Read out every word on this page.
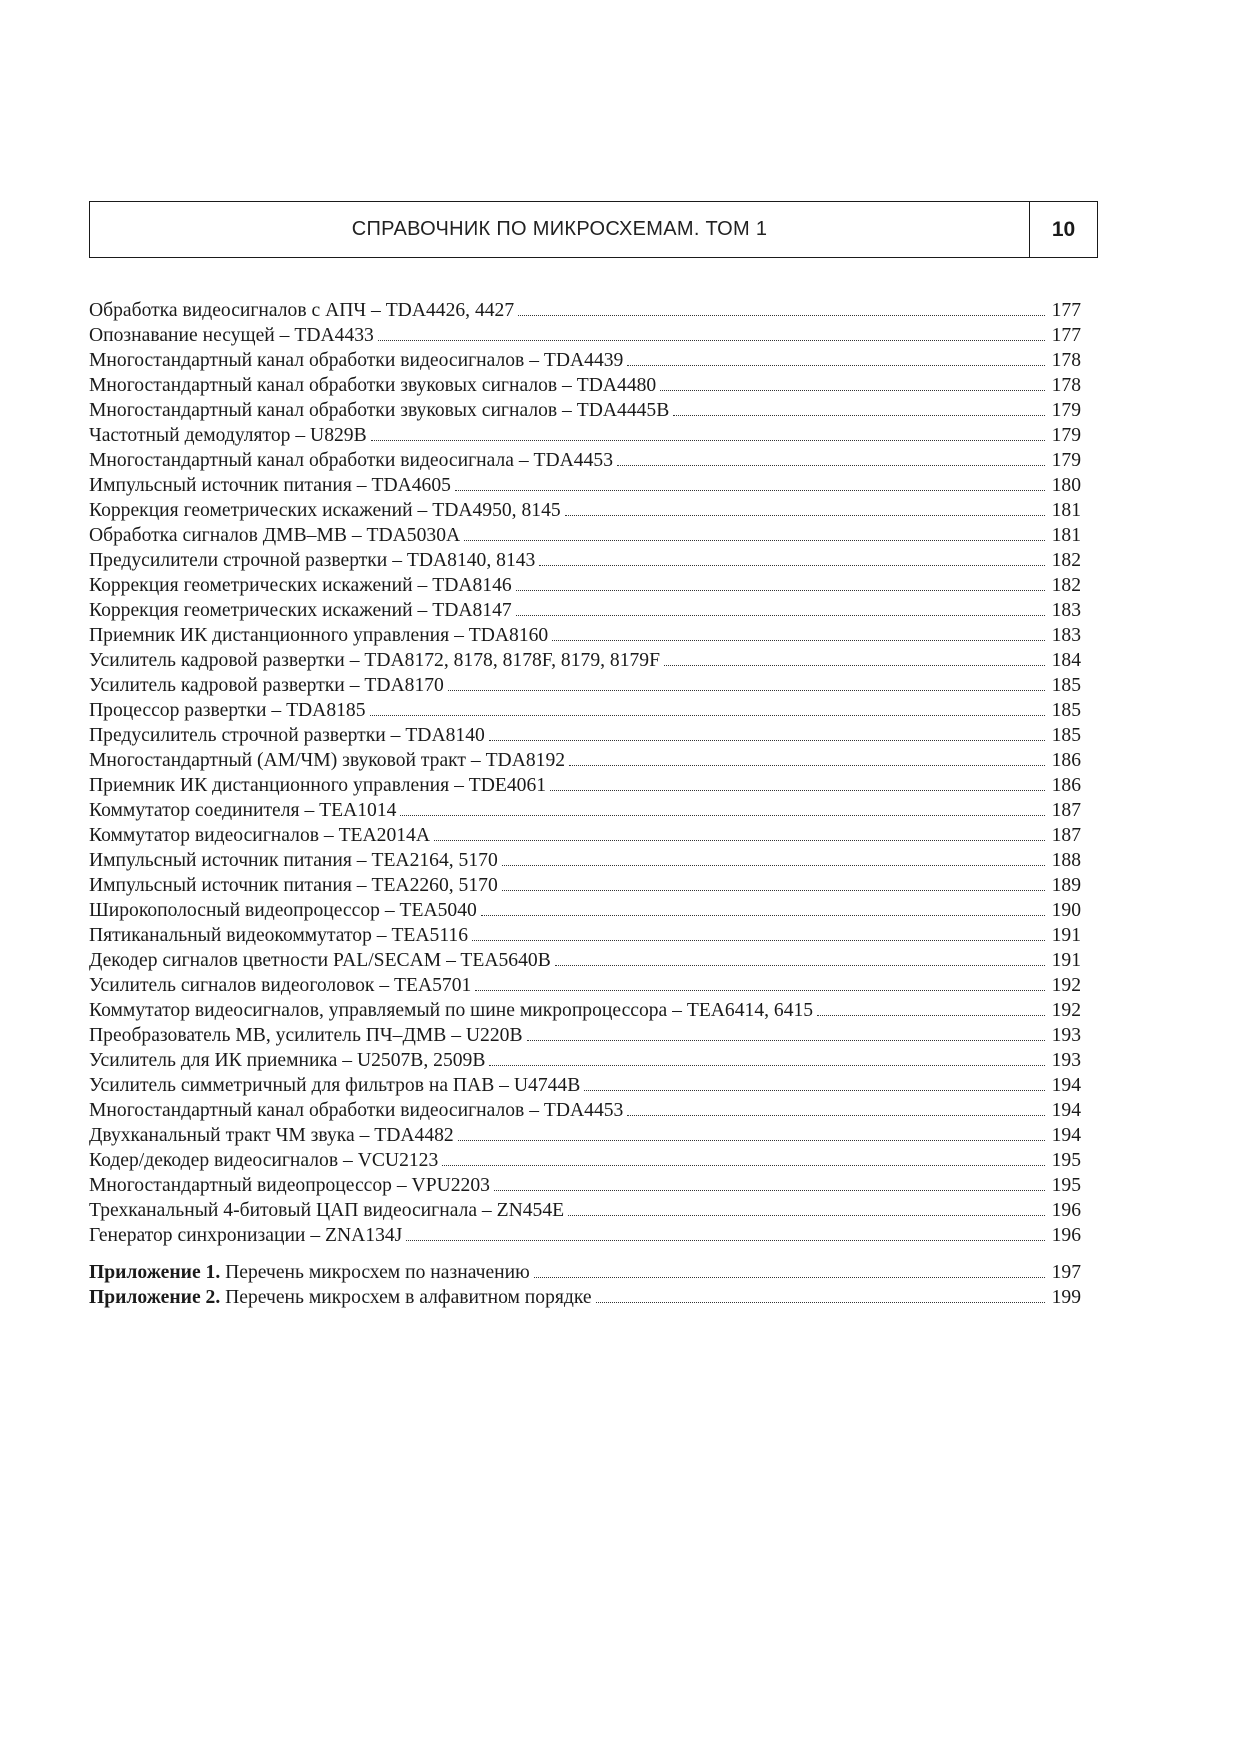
СПРАВОЧНИК ПО МИКРОСХЕМАМ. ТОМ 1	10
Обработка видеосигналов с АПЧ – TDA4426, 4427	177
Опознавание несущей – TDA4433	177
Многостандартный канал обработки видеосигналов – TDA4439	178
Многостандартный канал обработки звуковых сигналов – TDA4480	178
Многостандартный канал обработки звуковых сигналов – TDA4445B	179
Частотный демодулятор – U829B	179
Многостандартный канал обработки видеосигнала – TDA4453	179
Импульсный источник питания – TDA4605	180
Коррекция геометрических искажений – TDA4950, 8145	181
Обработка сигналов ДМВ–МВ – TDA5030A	181
Предусилители строчной развертки – TDA8140, 8143	182
Коррекция геометрических искажений – TDA8146	182
Коррекция геометрических искажений – TDA8147	183
Приемник ИК дистанционного управления – TDA8160	183
Усилитель кадровой развертки – TDA8172, 8178, 8178F, 8179, 8179F	184
Усилитель кадровой развертки – TDA8170	185
Процессор развертки – TDA8185	185
Предусилитель строчной развертки – TDA8140	185
Многостандартный (АМ/ЧМ) звуковой тракт – TDA8192	186
Приемник ИК дистанционного управления – TDE4061	186
Коммутатор соединителя – TEA1014	187
Коммутатор видеосигналов – TEA2014A	187
Импульсный источник питания – TEA2164, 5170	188
Импульсный источник питания – TEA2260, 5170	189
Широкополосный видеопроцессор – TEA5040	190
Пятиканальный видеокоммутатор – TEA5116	191
Декодер сигналов цветности PAL/SECAM – TEA5640B	191
Усилитель сигналов видеоголовок – TEA5701	192
Коммутатор видеосигналов, управляемый по шине микропроцессора – TEA6414, 6415	192
Преобразователь МВ, усилитель ПЧ–ДМВ – U220B	193
Усилитель для ИК приемника – U2507B, 2509B	193
Усилитель симметричный для фильтров на ПАВ – U4744B	194
Многостандартный канал обработки видеосигналов – TDA4453	194
Двухканальный тракт ЧМ звука – TDA4482	194
Кодер/декодер видеосигналов – VCU2123	195
Многостандартный видеопроцессор – VPU2203	195
Трехканальный 4-битовый ЦАП видеосигнала – ZN454E	196
Генератор синхронизации – ZNA134J	196
Приложение 1. Перечень микросхем по назначению	197
Приложение 2. Перечень микросхем в алфавитном порядке	199
